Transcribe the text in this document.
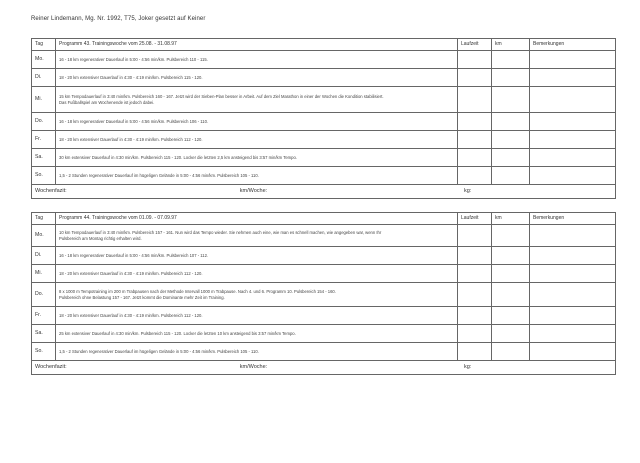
Reiner Lindemann, Mg. Nr. 1992, T75, Joker gesetzt auf Keiner
Tag	Programm 43. Trainingswoche vom 25.08. - 31.08.97	Laufzeit	km	Bemerkungen
Mo.	16 - 18 km regenerativer Dauerlauf in 5:00 - 4:56 min/km. Pulsbereich 110 - 115.			
Di.	18 - 20 km extensiver Dauerlauf in 4:30 - 4:19 min/km. Pulsbereich 115 - 120.			
Mi.	15 km Tempodauerlauf in 3:40 min/km. Pulsbereich 160 - 167. Jetzt wird der Sieben-Plan besser in Arbeit. Auf dem Ziel Marathon in einer der Wochen die Kondition stabilisiert.
Das Fußballspiel am Wochenende ist jedoch dabei.			
Do.	16 - 18 km regenerativer Dauerlauf in 5:00 - 4:56 min/km. Pulsbereich 106 - 110.			
Fr.	18 - 20 km extensiver Dauerlauf in 4:30 - 4:19 min/km. Pulsbereich 112 - 120.			
Sa.	30 km extensiver Dauerlauf in 4:30 min/km. Pulsbereich 115 - 120. Locker die letzten 2,5 km ansteigend bis 3:57 min/km Tempo.			
So.	1,5 - 2 Stunden regenerativer Dauerlauf im hügeligen Gelände in 5:00 - 4:56 min/km. Pulsbereich 105 - 110.			
Wochenfazit: km/Woche:		kg:		
Tag	Programm 44. Trainingswoche vom 01.09. - 07.09.97	Laufzeit	km	Bemerkungen
Mo.	10 km Tempodauerlauf in 3:40 min/km. Pulsbereich 157 - 161. Nun wird das Tempo wieder. Sie nehmen auch eine, wie man es schnell machen, wie angegeben war, wenn Ihr
Pulsbereich am Montag richtig erhalten wird.			
Di.	16 - 18 km regenerativer Dauerlauf in 5:00 - 4:56 min/km. Pulsbereich 107 - 112.			
Mi.	18 - 20 km extensiver Dauerlauf in 4:30 - 4:19 min/km. Pulsbereich 112 - 120.			
Do.	8 x 1000 m Tempotraining im 200 m Trabpausen nach der Methode Intervall 1000 m Trabpause. Nach 4. und 6. Programm 10. Pulsbereich 154 - 160.
Pulsbereich ohne Belastung 157 - 167. Jetzt kommt die Dominante mehr Zeit im Training.			
Fr.	18 - 20 km extensiver Dauerlauf in 4:30 - 4:19 min/km. Pulsbereich 112 - 120.			
Sa.	25 km extensiver Dauerlauf in 4:30 min/km. Pulsbereich 115 - 120. Locker die letzten 10 km ansteigend bis 3:57 min/km Tempo.			
So.	1,5 - 2 Stunden regenerativer Dauerlauf im hügeligen Gelände in 5:00 - 4:56 min/km. Pulsbereich 105 - 110.			
Wochenfazit: km/Woche:		kg:		
